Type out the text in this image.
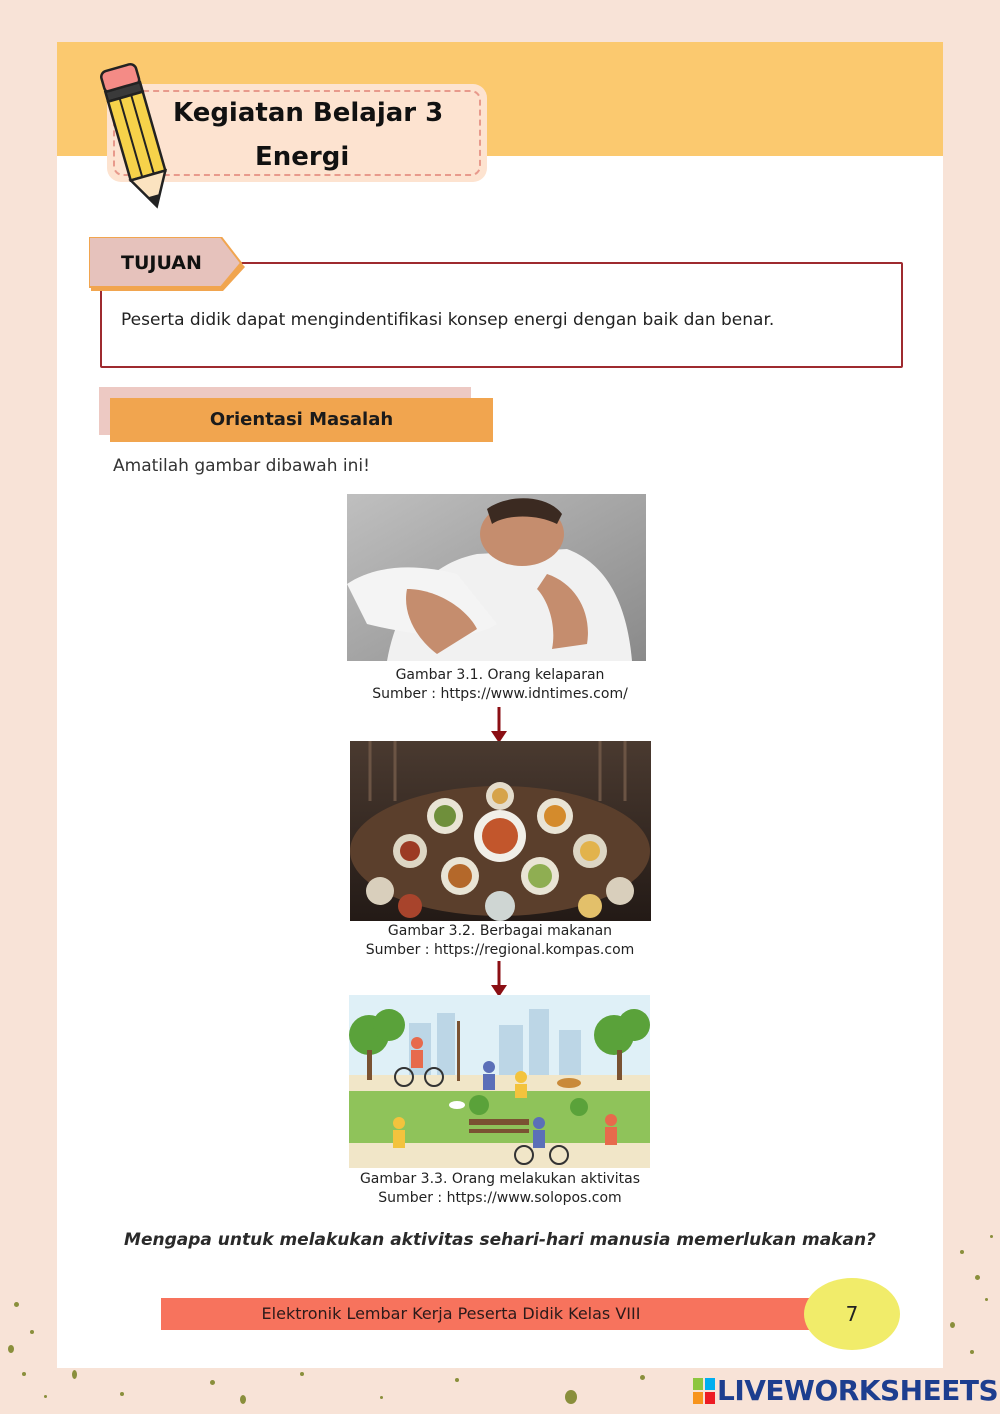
Kegiatan Belajar 3
Energi
TUJUAN
Peserta didik dapat mengindentifikasi konsep energi dengan baik dan benar.
Orientasi Masalah
Amatilah gambar dibawah ini!
Gambar 3.1. Orang kelaparan
Sumber : https://www.idntimes.com/
Gambar 3.2. Berbagai makanan
Sumber : https://regional.kompas.com
Gambar 3.3. Orang melakukan aktivitas
Sumber : https://www.solopos.com
Mengapa untuk melakukan aktivitas sehari-hari manusia memerlukan makan?
Elektronik Lembar Kerja Peserta Didik Kelas VIII	7
LIVEWORKSHEETS
